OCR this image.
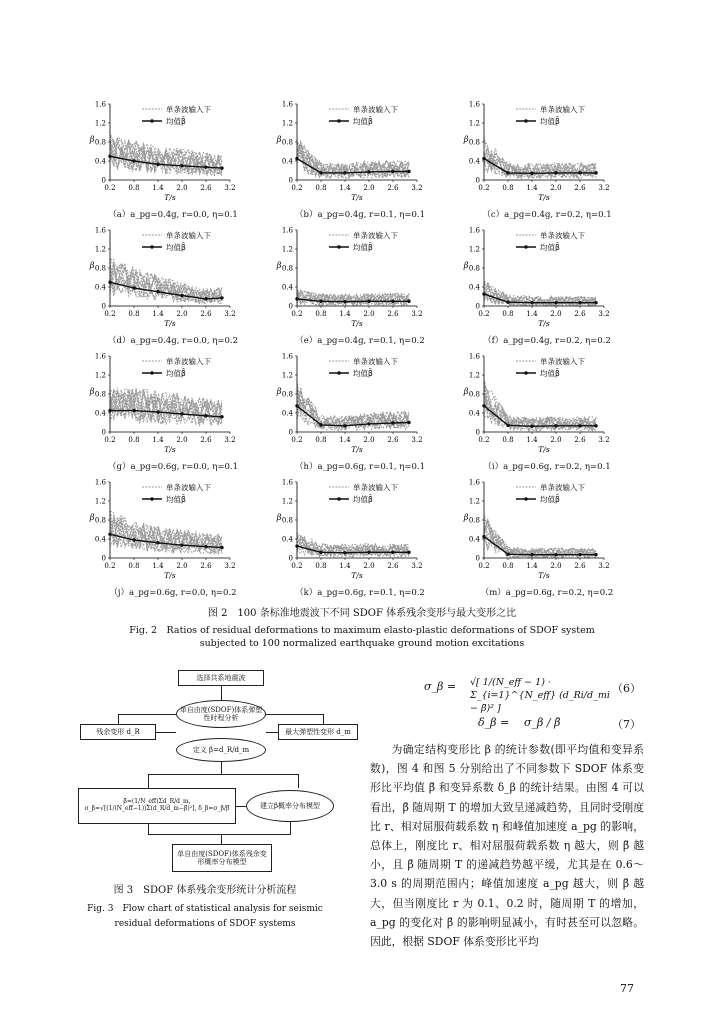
0
0.4
0.8
1.2
1.6
0.2 0.8 1.4 2.0 2.6 3.2
β
T/s
单条波输入下
均值β̄
（a）a_pg=0.4g, r=0.0, η=0.1
0
0.4
0.8
1.2
1.6
0.2 0.8 1.4 2.0 2.6 3.2
β
T/s
单条波输入下
均值β̄
（b）a_pg=0.4g, r=0.1, η=0.1
0
0.4
0.8
1.2
1.6
0.2 0.8 1.4 2.0 2.6 3.2
β
T/s
单条波输入下
均值β̄
（c）a_pg=0.4g, r=0.2, η=0.1
0
0.4
0.8
1.2
1.6
0.2 0.8 1.4 2.0 2.6 3.2
β
T/s
单条波输入下
均值β̄
（d）a_pg=0.4g, r=0.0, η=0.2
0
0.4
0.8
1.2
1.6
0.2 0.8 1.4 2.0 2.6 3.2
β
T/s
单条波输入下
均值β̄
（e）a_pg=0.4g, r=0.1, η=0.2
0
0.4
0.8
1.2
1.6
0.2 0.8 1.4 2.0 2.6 3.2
β
T/s
单条波输入下
均值β̄
（f）a_pg=0.4g, r=0.2, η=0.2
0
0.4
0.8
1.2
1.6
0.2 0.8 1.4 2.0 2.6 3.2
β
T/s
单条波输入下
均值β̄
（g）a_pg=0.6g, r=0.0, η=0.1
0
0.4
0.8
1.2
1.6
0.2 0.8 1.4 2.0 2.6 3.2
β
T/s
单条波输入下
均值β̄
（h）a_pg=0.6g, r=0.1, η=0.1
0
0.4
0.8
1.2
1.6
0.2 0.8 1.4 2.0 2.6 3.2
β
T/s
单条波输入下
均值β̄
（i）a_pg=0.6g, r=0.2, η=0.1
0
0.4
0.8
1.2
1.6
0.2 0.8 1.4 2.0 2.6 3.2
β
T/s
单条波输入下
均值β̄
（j）a_pg=0.6g, r=0.0, η=0.2
0
0.4
0.8
1.2
1.6
0.2 0.8 1.4 2.0 2.6 3.2
β
T/s
单条波输入下
均值β̄
（k）a_pg=0.6g, r=0.1, η=0.2
0
0.4
0.8
1.2
1.6
0.2 0.8 1.4 2.0 2.6 3.2
β
T/s
单条波输入下
均值β̄
（m）a_pg=0.6g, r=0.2, η=0.2
图 2　100 条标准地震波下不同 SDOF 体系残余变形与最大变形之比
Fig. 2　Ratios of residual deformations to maximum elasto-plastic deformations of SDOF system
subjected to 100 normalized earthquake ground motion excitations
选择共系地震波
单自由度(SDOF)体系弹塑性时程分析
残余变形 d_R	最大弹塑性变形 d_m
定义 β=d_R/d_m
β̄=(1/N_eff)Σd_R/d_m, σ_β=√[(1/(N_eff−1))Σ(d_R/d_m−β̄)²], δ_β=σ_β/β̄	建立β概率分布模型
单自由度(SDOF)体系残余变形概率分布模型
图 3　SDOF 体系残余变形统计分析流程
Fig. 3　Flow chart of statistical analysis for seismic
residual deformations of SDOF systems
σ_β = √[ 1/(N_eff − 1) · Σ_{i=1}^{N_eff} (d_Ri/d_mi − β̄)² ]
（6）
δ_β = σ_β / β̄	（7）
为确定结构变形比 β 的统计参数(即平均值和变异系数)，图 4 和图 5 分别给出了不同参数下 SDOF 体系变形比平均值 β̄ 和变异系数 δ_β 的统计结果。由图 4 可以看出，β̄ 随周期 T 的增加大致呈递减趋势，且同时受刚度比 r、相对屈服荷载系数 η 和峰值加速度 a_pg 的影响，总体上，刚度比 r、相对屈服荷载系数 η 越大，则 β̄ 越小，且 β̄ 随周期 T 的递减趋势越平缓，尤其是在 0.6～3.0 s 的周期范围内；峰值加速度 a_pg 越大，则 β̄ 越大，但当刚度比 r 为 0.1、0.2 时，随周期 T 的增加，a_pg 的变化对 β̄ 的影响明显减小，有时甚至可以忽略。因此，根据 SDOF 体系变形比平均
77
